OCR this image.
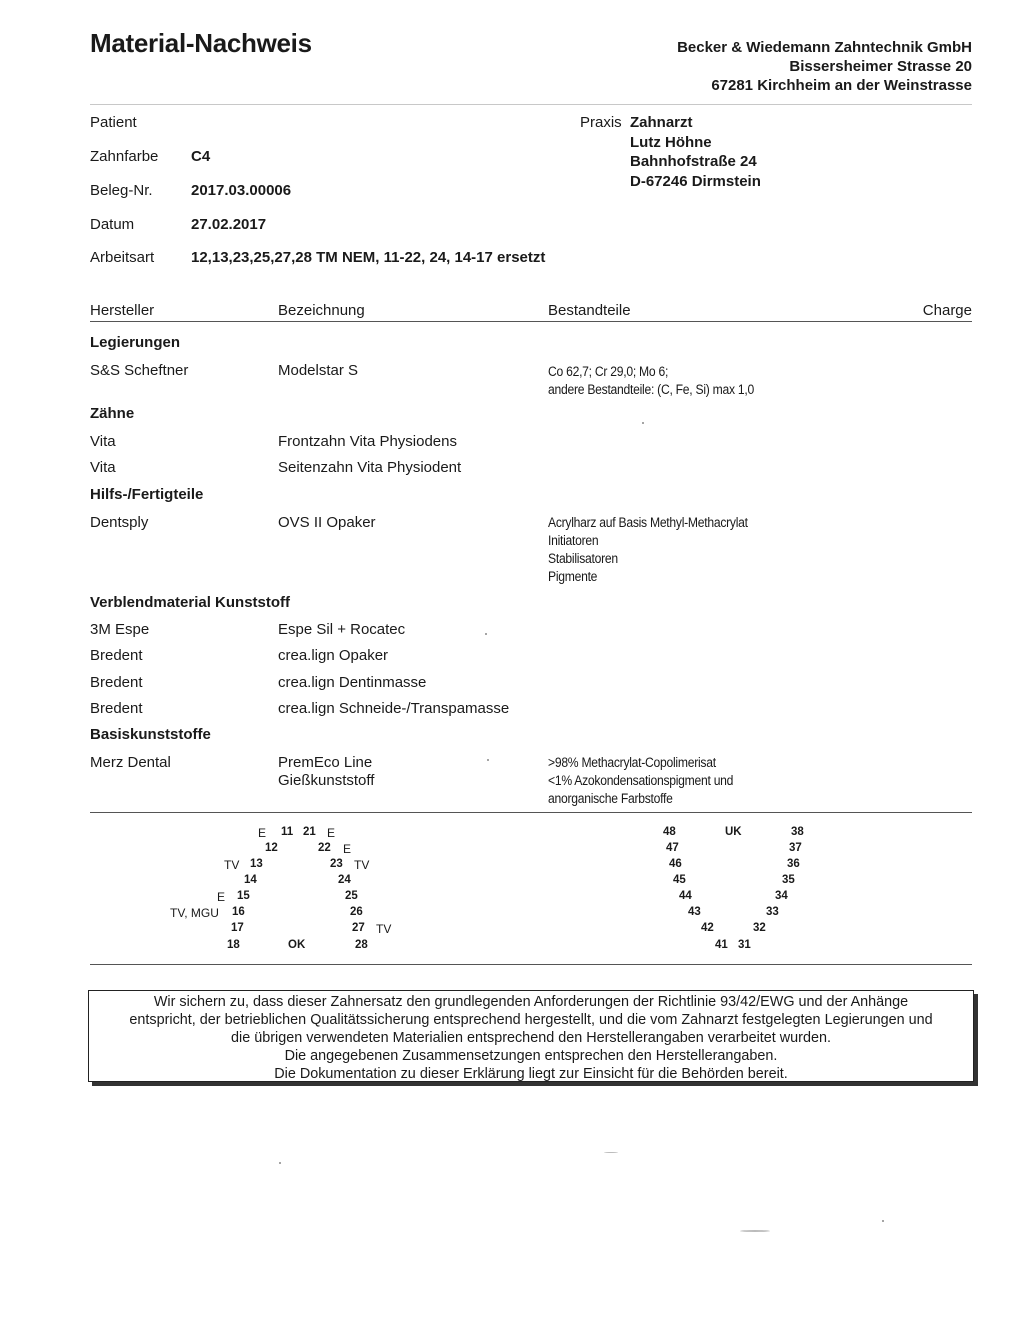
Material-Nachweis	Becker & Wiedemann Zahntechnik GmbH
Bissersheimer Strasse 20
67281 Kirchheim an der Weinstrasse
Patient
Zahnfarbe C4
Beleg-Nr.	2017.03.00006
Datum	27.02.2017
Arbeitsart 12,13,23,25,27,28 TM NEM, 11-22, 24, 14-17 ersetzt
Praxis Zahnarzt
Lutz Höhne
Bahnhofstraße 24
D-67246 Dirmstein
Hersteller	Bezeichnung	Bestandteile	Charge
Legierungen
S&S Scheftner	Modelstar S	Co 62,7; Cr 29,0; Mo 6;
andere Bestandteile: (C, Fe, Si) max 1,0
Zähne
Vita	Frontzahn Vita Physiodens
Vita	Seitenzahn Vita Physiodent
Hilfs-/Fertigteile
Dentsply	OVS II Opaker	Acrylharz auf Basis Methyl-Methacrylat
Initiatoren
Stabilisatoren
Pigmente
Verblendmaterial Kunststoff
3M Espe	Espe Sil + Rocatec
Bredent	crea.lign Opaker
Bredent	crea.lign Dentinmasse
Bredent	crea.lign Schneide-/Transpamasse
Basiskunststoffe
Merz Dental	PremEco Line
Gießkunststoff
>98% Methacrylat-Copolimerisat
<1% Azokondensationspigment und
anorganische Farbstoffe
11 21
12	22
13	23
14	24
15	25
16	26
17	27
18	28
E	E
E
TV	TV
E
TV, MGU
TV
OK
UK
48	38
47	37
46	36
45	35
44	34
43	33
42	32
41 31
Wir sichern zu, dass dieser Zahnersatz den grundlegenden Anforderungen der Richtlinie 93/42/EWG und der Anhänge
entspricht, der betrieblichen Qualitätssicherung entsprechend hergestellt, und die vom Zahnarzt festgelegten Legierungen und
die übrigen verwendeten Materialien entsprechend den Herstellerangaben verarbeitet wurden.
Die angegebenen Zusammensetzungen entsprechen den Herstellerangaben.
Die Dokumentation zu dieser Erklärung liegt zur Einsicht für die Behörden bereit.
